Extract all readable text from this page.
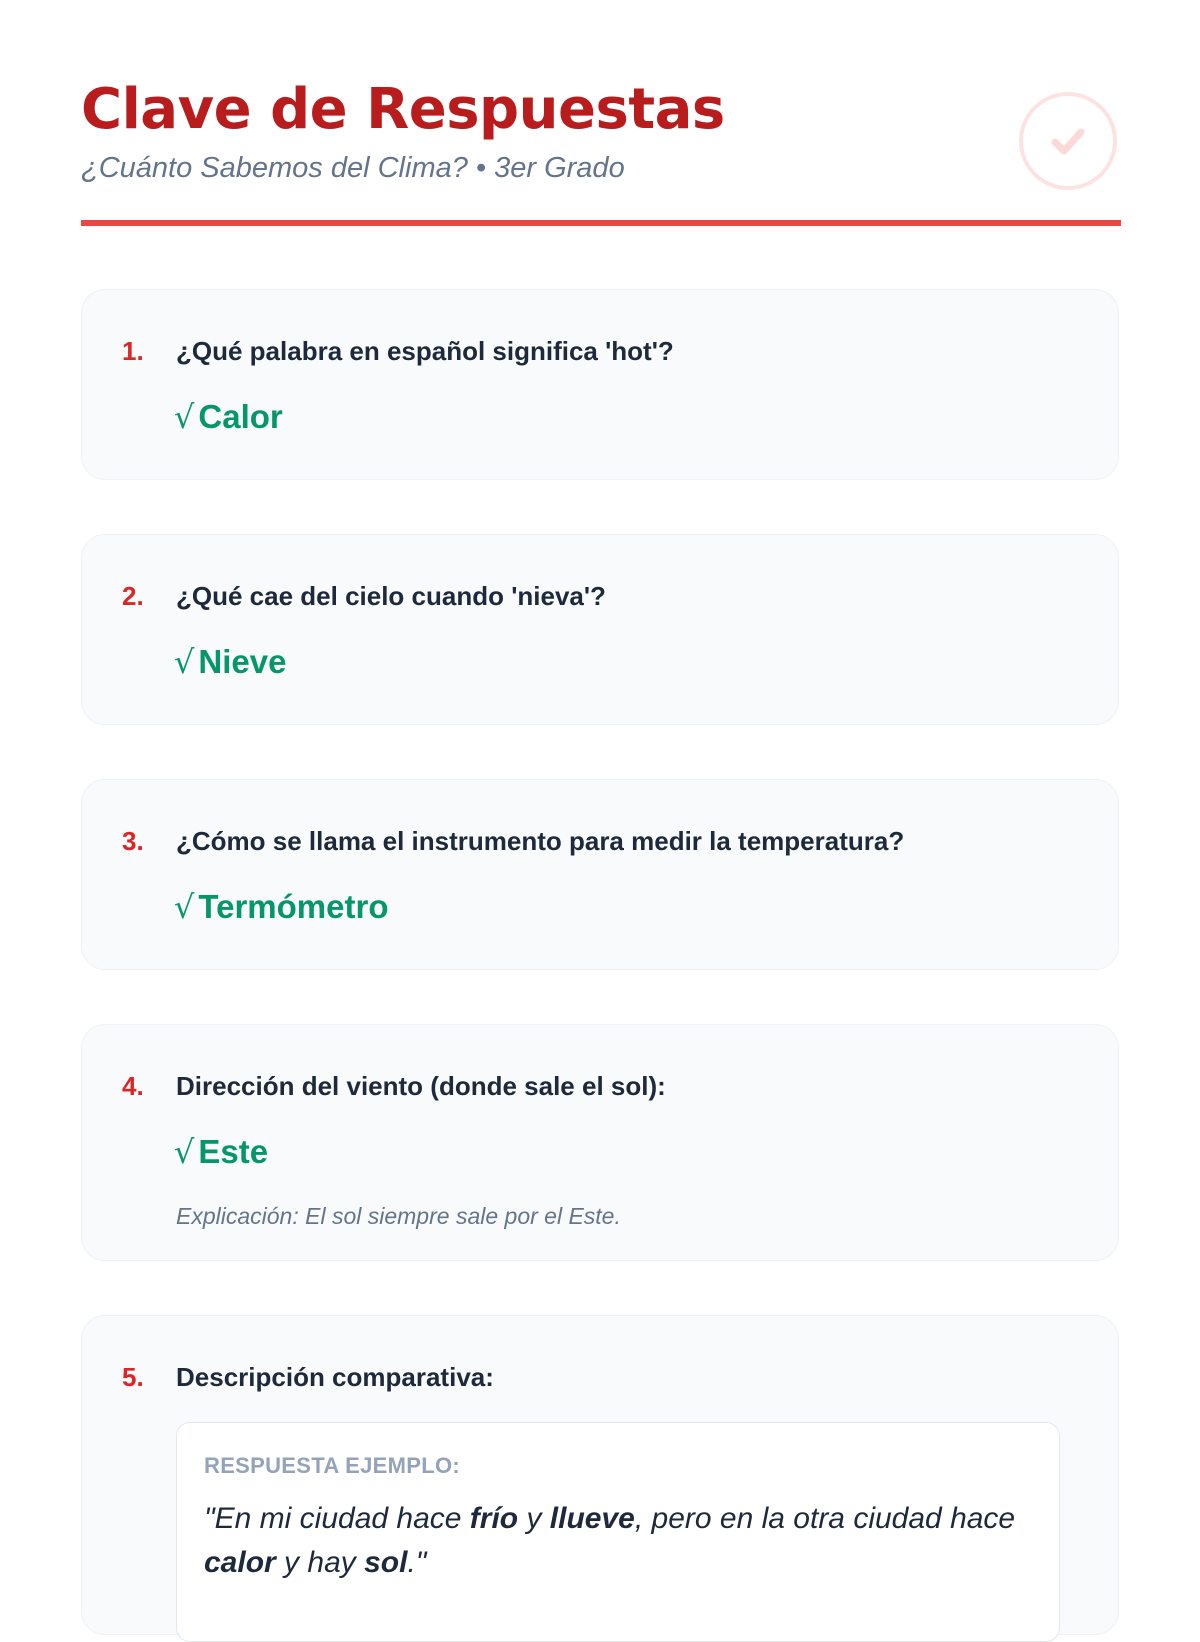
Clave de Respuestas
¿Cuánto Sabemos del Clima? • 3er Grado
1.	¿Qué palabra en español significa 'hot'?
√ Calor
2.	¿Qué cae del cielo cuando 'nieva'?
√ Nieve
3.	¿Cómo se llama el instrumento para medir la temperatura?
√ Termómetro
4.	Dirección del viento (donde sale el sol):
√ Este
Explicación: El sol siempre sale por el Este.
5.	Descripción comparativa:
RESPUESTA EJEMPLO:
"En mi ciudad hace frío y llueve, pero en la otra ciudad hace calor y hay sol."
